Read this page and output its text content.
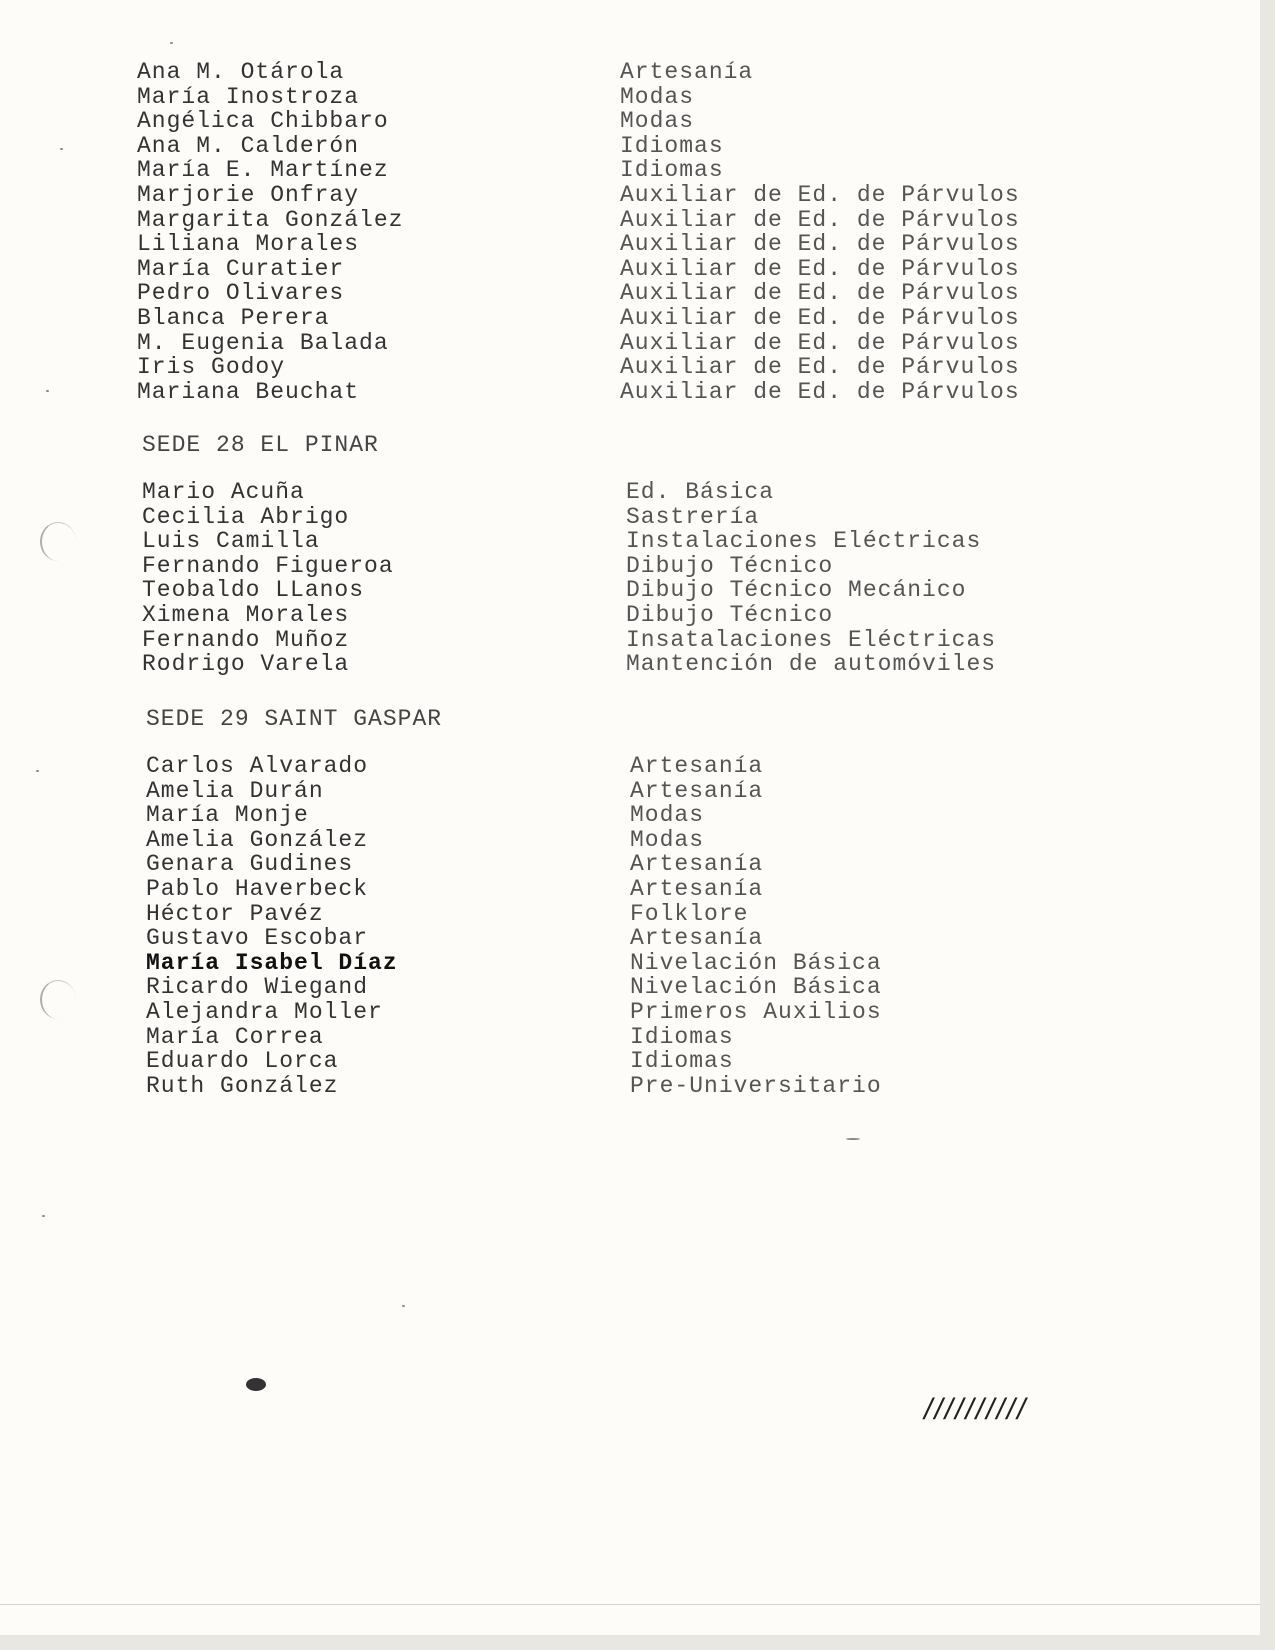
Ana M. Otárola	Artesanía
María Inostroza	Modas
Angélica Chibbaro	Modas
Ana M. Calderón	Idiomas
María E. Martínez	Idiomas
Marjorie Onfray	Auxiliar de Ed. de Párvulos
Margarita González	Auxiliar de Ed. de Párvulos
Liliana Morales	Auxiliar de Ed. de Párvulos
María Curatier	Auxiliar de Ed. de Párvulos
Pedro Olivares	Auxiliar de Ed. de Párvulos
Blanca Perera	Auxiliar de Ed. de Párvulos
M. Eugenia Balada	Auxiliar de Ed. de Párvulos
Iris Godoy	Auxiliar de Ed. de Párvulos
Mariana Beuchat	Auxiliar de Ed. de Párvulos
SEDE 28 EL PINAR
Mario Acuña	Ed. Básica
Cecilia Abrigo	Sastrería
Luis Camilla	Instalaciones Eléctricas
Fernando Figueroa	Dibujo Técnico
Teobaldo LLanos	Dibujo Técnico Mecánico
Ximena Morales	Dibujo Técnico
Fernando Muñoz	Insatalaciones Eléctricas
Rodrigo Varela	Mantención de automóviles
SEDE 29 SAINT GASPAR
Carlos Alvarado	Artesanía
Amelia Durán	Artesanía
María Monje	Modas
Amelia González	Modas
Genara Gudines	Artesanía
Pablo Haverbeck	Artesanía
Héctor Pavéz	Folklore
Gustavo Escobar	Artesanía
María Isabel Díaz	Nivelación Básica
Ricardo Wiegand	Nivelación Básica
Alejandra Moller	Primeros Auxilios
María Correa	Idiomas
Eduardo Lorca	Idiomas
Ruth González	Pre-Universitario
//////////
